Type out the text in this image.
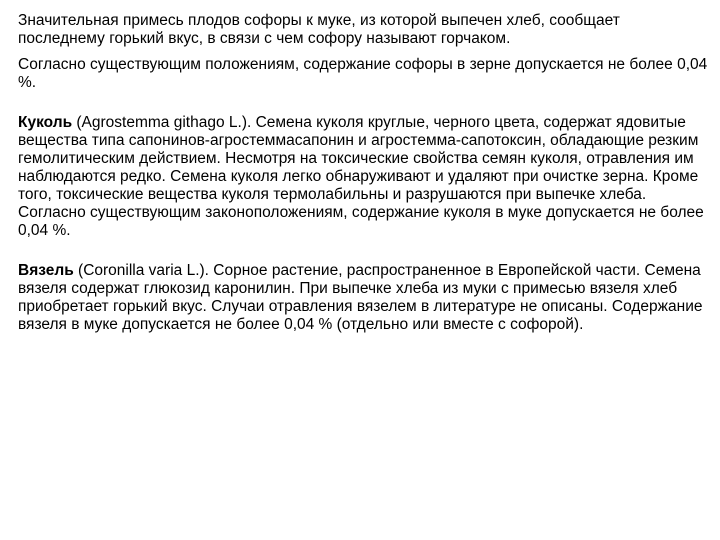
Значительная примесь плодов софоры к муке, из которой выпечен хлеб, сообщает последнему горький вкус, в связи с чем софору называют горчаком.

Согласно существующим положениям, содержание софоры в зерне допускается не более 0,04 %.

Куколь (Agrostemma githago L.). Семена куколя круглые, черного цвета, содержат ядовитые вещества типа сапонинов-агростеммасапонин и агростемма-сапотоксин, обладающие резким гемолитическим действием. Несмотря на токсические свойства семян куколя, отравления им наблюдаются редко. Семена куколя легко обнаруживают и удаляют при очистке зерна. Кроме того, токсические вещества куколя термолабильны и разрушаются при выпечке хлеба. Согласно существующим законоположениям, содержание куколя в муке допускается не более 0,04 %.

Вязель (Coronilla varia L.). Сорное растение, распространенное в Европейской части. Семена вязеля содержат глюкозид каронилин. При выпечке хлеба из муки с примесью вязеля хлеб приобретает горький вкус. Случаи отравления вязелем в литературе не описаны. Содержание вязеля в муке допускается не более 0,04 % (отдельно или вместе с софорой).
